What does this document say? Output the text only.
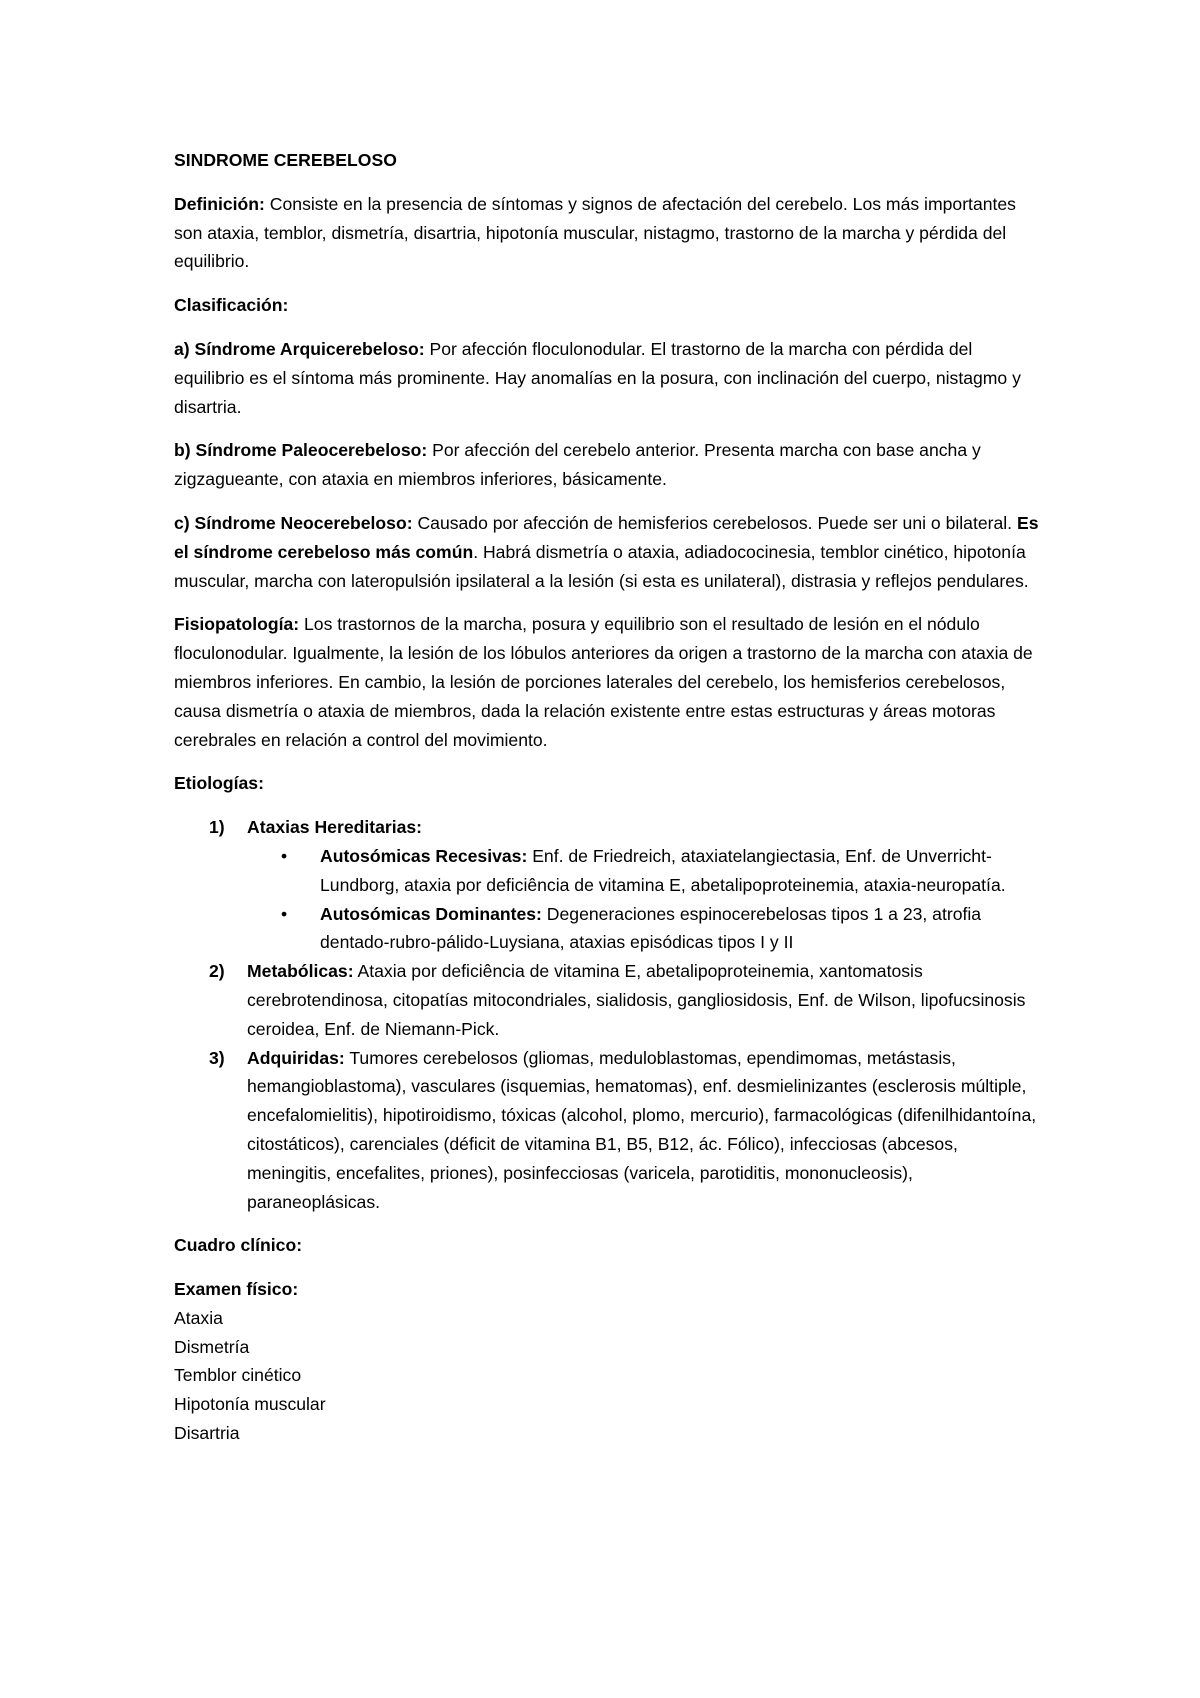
SINDROME CEREBELOSO

Definición: Consiste en la presencia de síntomas y signos de afectación del cerebelo. Los más importantes son ataxia, temblor, dismetría, disartria, hipotonía muscular, nistagmo, trastorno de la marcha y pérdida del equilibrio.

Clasificación:

a) Síndrome Arquicerebeloso: Por afección floculonodular. El trastorno de la marcha con pérdida del equilibrio es el síntoma más prominente. Hay anomalías en la posura, con inclinación del cuerpo, nistagmo y disartria.

b) Síndrome Paleocerebeloso: Por afección del cerebelo anterior. Presenta marcha con base ancha y zigzagueante, con ataxia en miembros inferiores, básicamente.

c) Síndrome Neocerebeloso: Causado por afección de hemisferios cerebelosos. Puede ser uni o bilateral. Es el síndrome cerebeloso más común. Habrá dismetría o ataxia, adiadococinesia, temblor cinético, hipotonía muscular, marcha con lateropulsión ipsilateral a la lesión (si esta es unilateral), distrasia y reflejos pendulares.

Fisiopatología: Los trastornos de la marcha, posura y equilibrio son el resultado de lesión en el nódulo floculonodular. Igualmente, la lesión de los lóbulos anteriores da origen a trastorno de la marcha con ataxia de miembros inferiores. En cambio, la lesión de porciones laterales del cerebelo, los hemisferios cerebelosos, causa dismetría o ataxia de miembros, dada la relación existente entre estas estructuras y áreas motoras cerebrales en relación a control del movimiento.

Etiologías:

1) Ataxias Hereditarias:
• Autosómicas Recesivas: Enf. de Friedreich, ataxiatelangiectasia, Enf. de Unverricht-Lundborg, ataxia por deficiência de vitamina E, abetalipoproteinemia, ataxia-neuropatía.
• Autosómicas Dominantes: Degeneraciones espinocerebelosas tipos 1 a 23, atrofia dentado-rubro-pálido-Luysiana, ataxias episódicas tipos I y II
2) Metabólicas: Ataxia por deficiência de vitamina E, abetalipoproteinemia, xantomatosis cerebrotendinosa, citopatías mitocondriales, sialidosis, gangliosidosis, Enf. de Wilson, lipofucsinosis ceroidea, Enf. de Niemann-Pick.
3) Adquiridas: Tumores cerebelosos (gliomas, meduloblastomas, ependimomas, metástasis, hemangioblastoma), vasculares (isquemias, hematomas), enf. desmielinizantes (esclerosis múltiple, encefalomielitis), hipotiroidismo, tóxicas (alcohol, plomo, mercurio), farmacológicas (difenilhidantoína, citostáticos), carenciales (déficit de vitamina B1, B5, B12, ác. Fólico), infecciosas (abcesos, meningitis, encefalites, priones), posinfecciosas (varicela, parotiditis, mononucleosis), paraneoplásicas.

Cuadro clínico:

Examen físico:
Ataxia
Dismetría
Temblor cinético
Hipotonía muscular
Disartria
